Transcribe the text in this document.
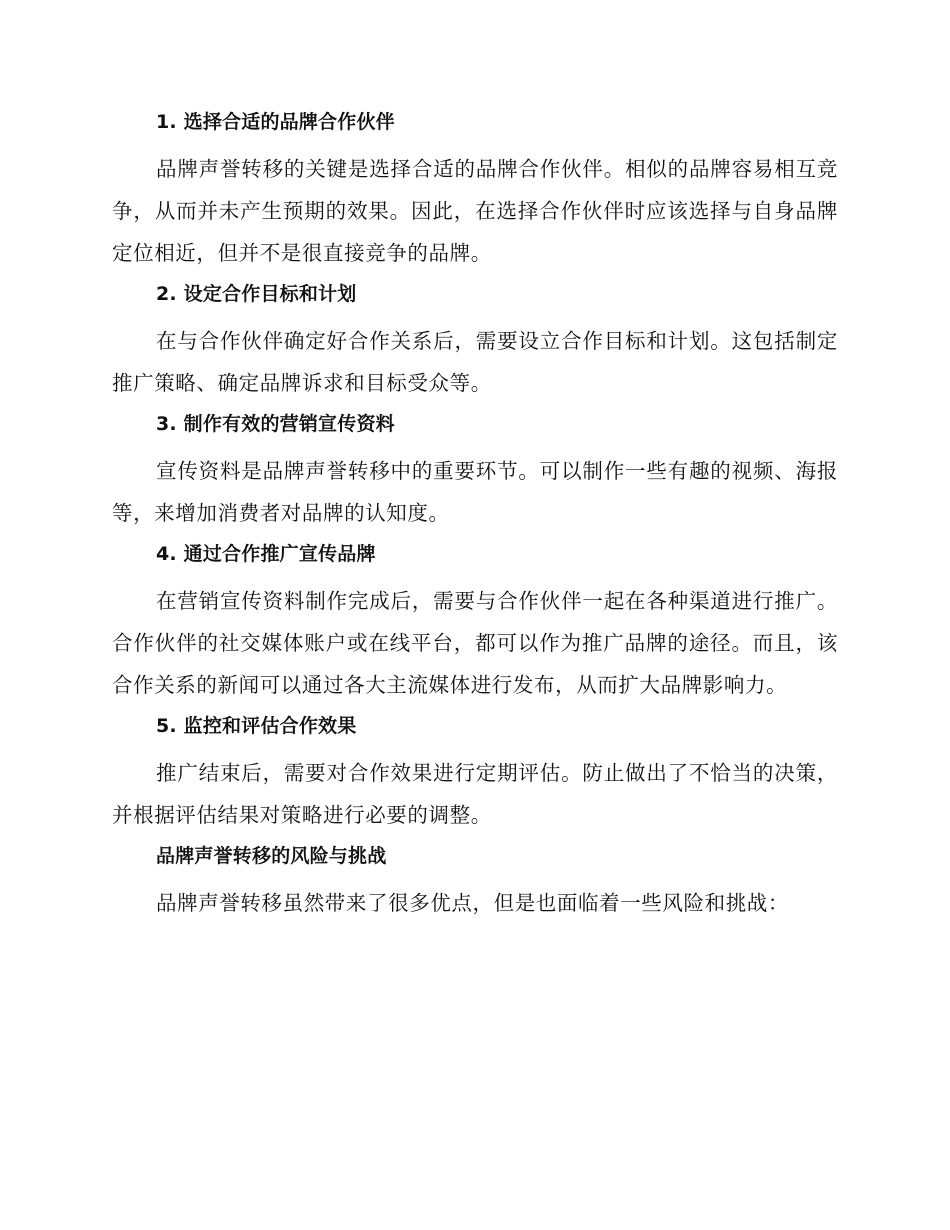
1. 选择合适的品牌合作伙伴

品牌声誉转移的关键是选择合适的品牌合作伙伴。相似的品牌容易相互竞争，从而并未产生预期的效果。因此，在选择合作伙伴时应该选择与自身品牌定位相近，但并不是很直接竞争的品牌。

2. 设定合作目标和计划

在与合作伙伴确定好合作关系后，需要设立合作目标和计划。这包括制定推广策略、确定品牌诉求和目标受众等。

3. 制作有效的营销宣传资料

宣传资料是品牌声誉转移中的重要环节。可以制作一些有趣的视频、海报等，来增加消费者对品牌的认知度。

4. 通过合作推广宣传品牌

在营销宣传资料制作完成后，需要与合作伙伴一起在各种渠道进行推广。合作伙伴的社交媒体账户或在线平台，都可以作为推广品牌的途径。而且，该合作关系的新闻可以通过各大主流媒体进行发布，从而扩大品牌影响力。

5. 监控和评估合作效果

推广结束后，需要对合作效果进行定期评估。防止做出了不恰当的决策，并根据评估结果对策略进行必要的调整。

品牌声誉转移的风险与挑战

品牌声誉转移虽然带来了很多优点，但是也面临着一些风险和挑战：
